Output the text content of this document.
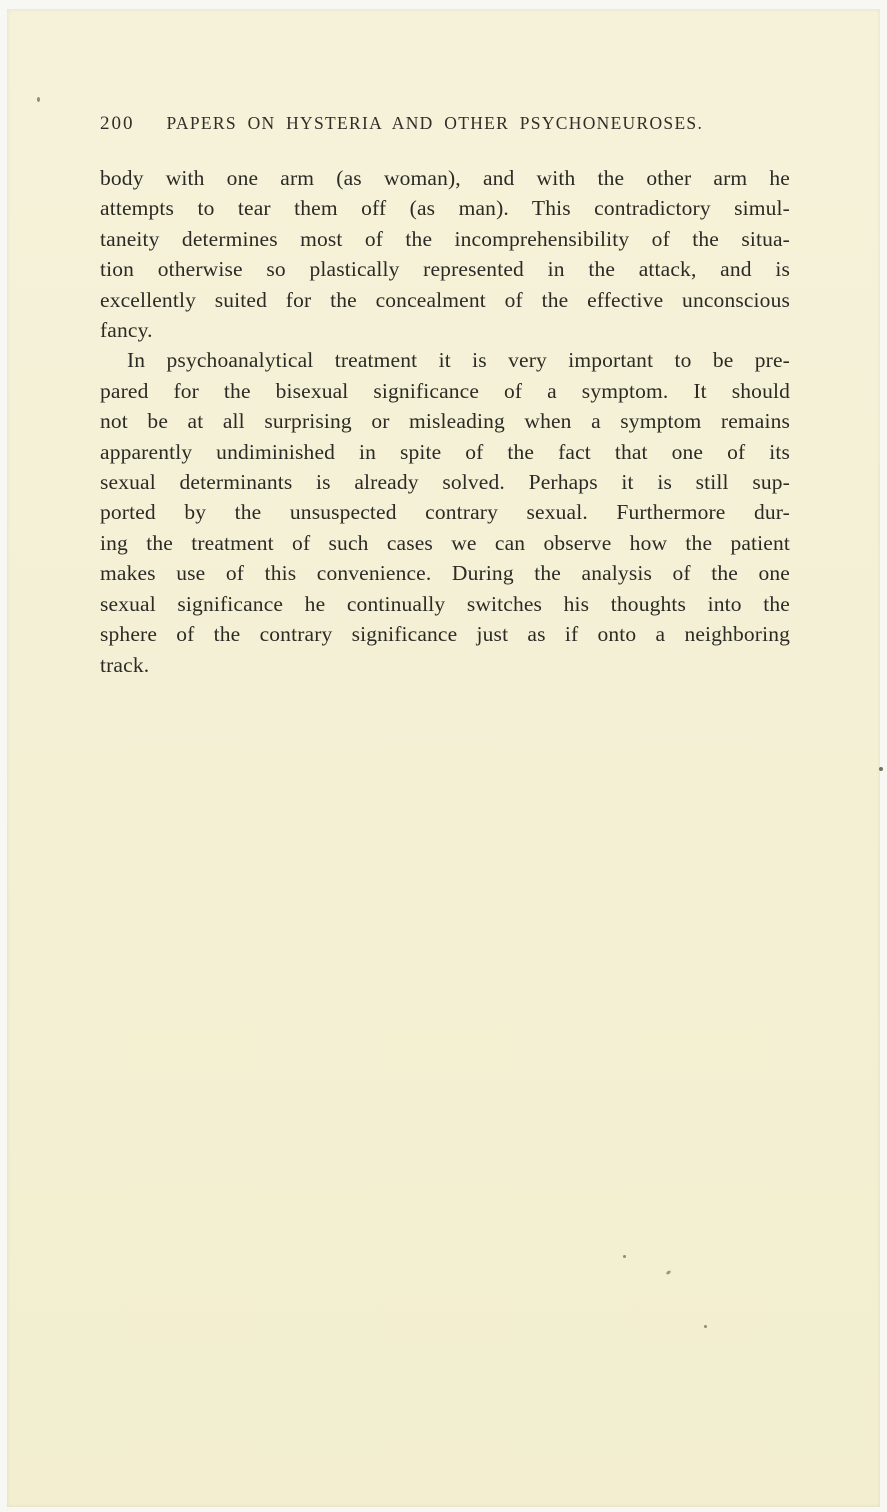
200 PAPERS ON HYSTERIA AND OTHER PSYCHONEUROSES.
body with one arm (as woman), and with the other arm he
attempts to tear them off (as man). This contradictory simul-
taneity determines most of the incomprehensibility of the situa-
tion otherwise so plastically represented in the attack, and is
excellently suited for the concealment of the effective unconscious
fancy.
In psychoanalytical treatment it is very important to be pre-
pared for the bisexual significance of a symptom. It should
not be at all surprising or misleading when a symptom remains
apparently undiminished in spite of the fact that one of its
sexual determinants is already solved. Perhaps it is still sup-
ported by the unsuspected contrary sexual. Furthermore dur-
ing the treatment of such cases we can observe how the patient
makes use of this convenience. During the analysis of the one
sexual significance he continually switches his thoughts into the
sphere of the contrary significance just as if onto a neighboring
track.
